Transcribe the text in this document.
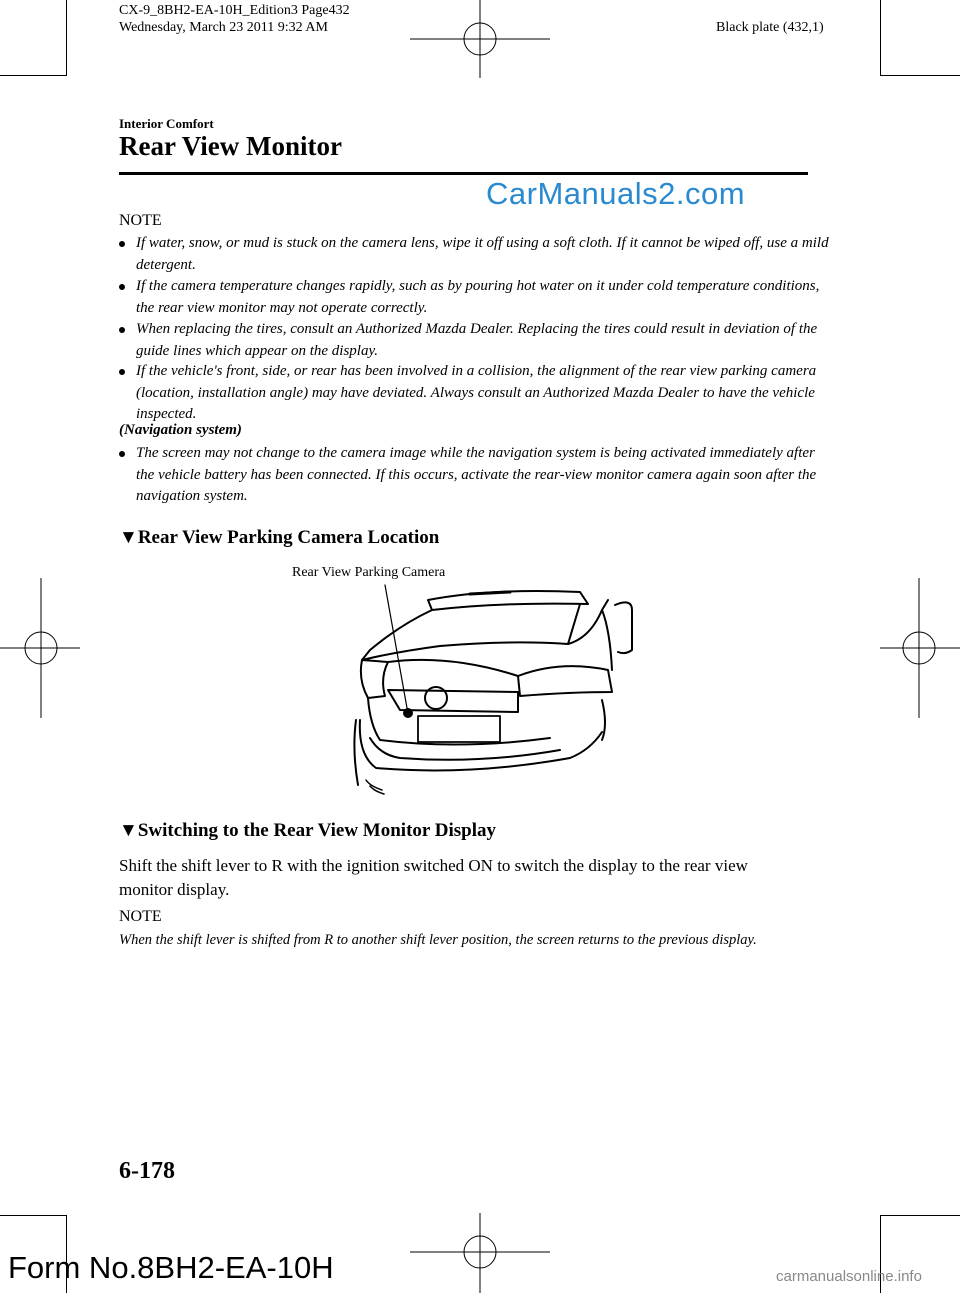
CX-9_8BH2-EA-10H_Edition3 Page432
Wednesday, March 23 2011 9:32 AM	Black plate (432,1)
Interior Comfort
Rear View Monitor
CarManuals2.com
NOTE
If water, snow, or mud is stuck on the camera lens, wipe it off using a soft cloth. If it cannot be wiped off, use a mild detergent.
If the camera temperature changes rapidly, such as by pouring hot water on it under cold temperature conditions, the rear view monitor may not operate correctly.
When replacing the tires, consult an Authorized Mazda Dealer. Replacing the tires could result in deviation of the guide lines which appear on the display.
If the vehicle's front, side, or rear has been involved in a collision, the alignment of the rear view parking camera (location, installation angle) may have deviated. Always consult an Authorized Mazda Dealer to have the vehicle inspected.
(Navigation system)
The screen may not change to the camera image while the navigation system is being activated immediately after the vehicle battery has been connected. If this occurs, activate the rear-view monitor camera again soon after the navigation system.
▼Rear View Parking Camera Location
Rear View Parking Camera
▼Switching to the Rear View Monitor Display
Shift the shift lever to R with the ignition switched ON to switch the display to the rear view monitor display.
NOTE
When the shift lever is shifted from R to another shift lever position, the screen returns to the previous display.
6-178
Form No.8BH2-EA-10H	carmanualsonline.info
